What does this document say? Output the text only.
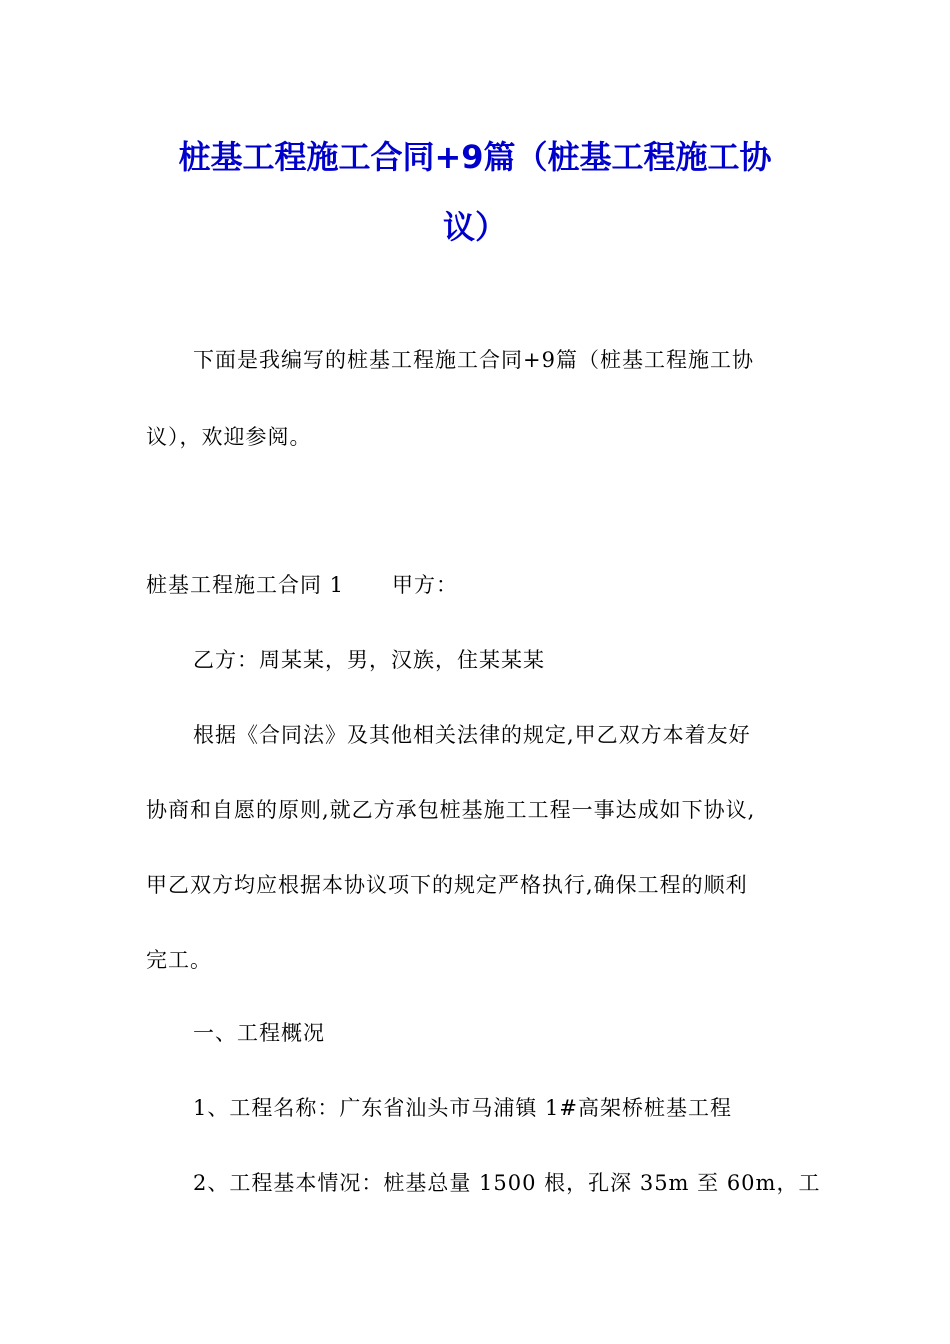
桩基工程施工合同+9篇（桩基工程施工协
议）
下面是我编写的桩基工程施工合同+9篇（桩基工程施工协
议），欢迎参阅。
桩基工程施工合同 1 甲方：
乙方：周某某，男，汉族，住某某某
根据《合同法》及其他相关法律的规定,甲乙双方本着友好
协商和自愿的原则,就乙方承包桩基施工工程一事达成如下协议,
甲乙双方均应根据本协议项下的规定严格执行,确保工程的顺利
完工。
一、工程概况
1、工程名称：广东省汕头市马浦镇 1#高架桥桩基工程
2、工程基本情况：桩基总量 1500 根，孔深 35m 至 60m，工
